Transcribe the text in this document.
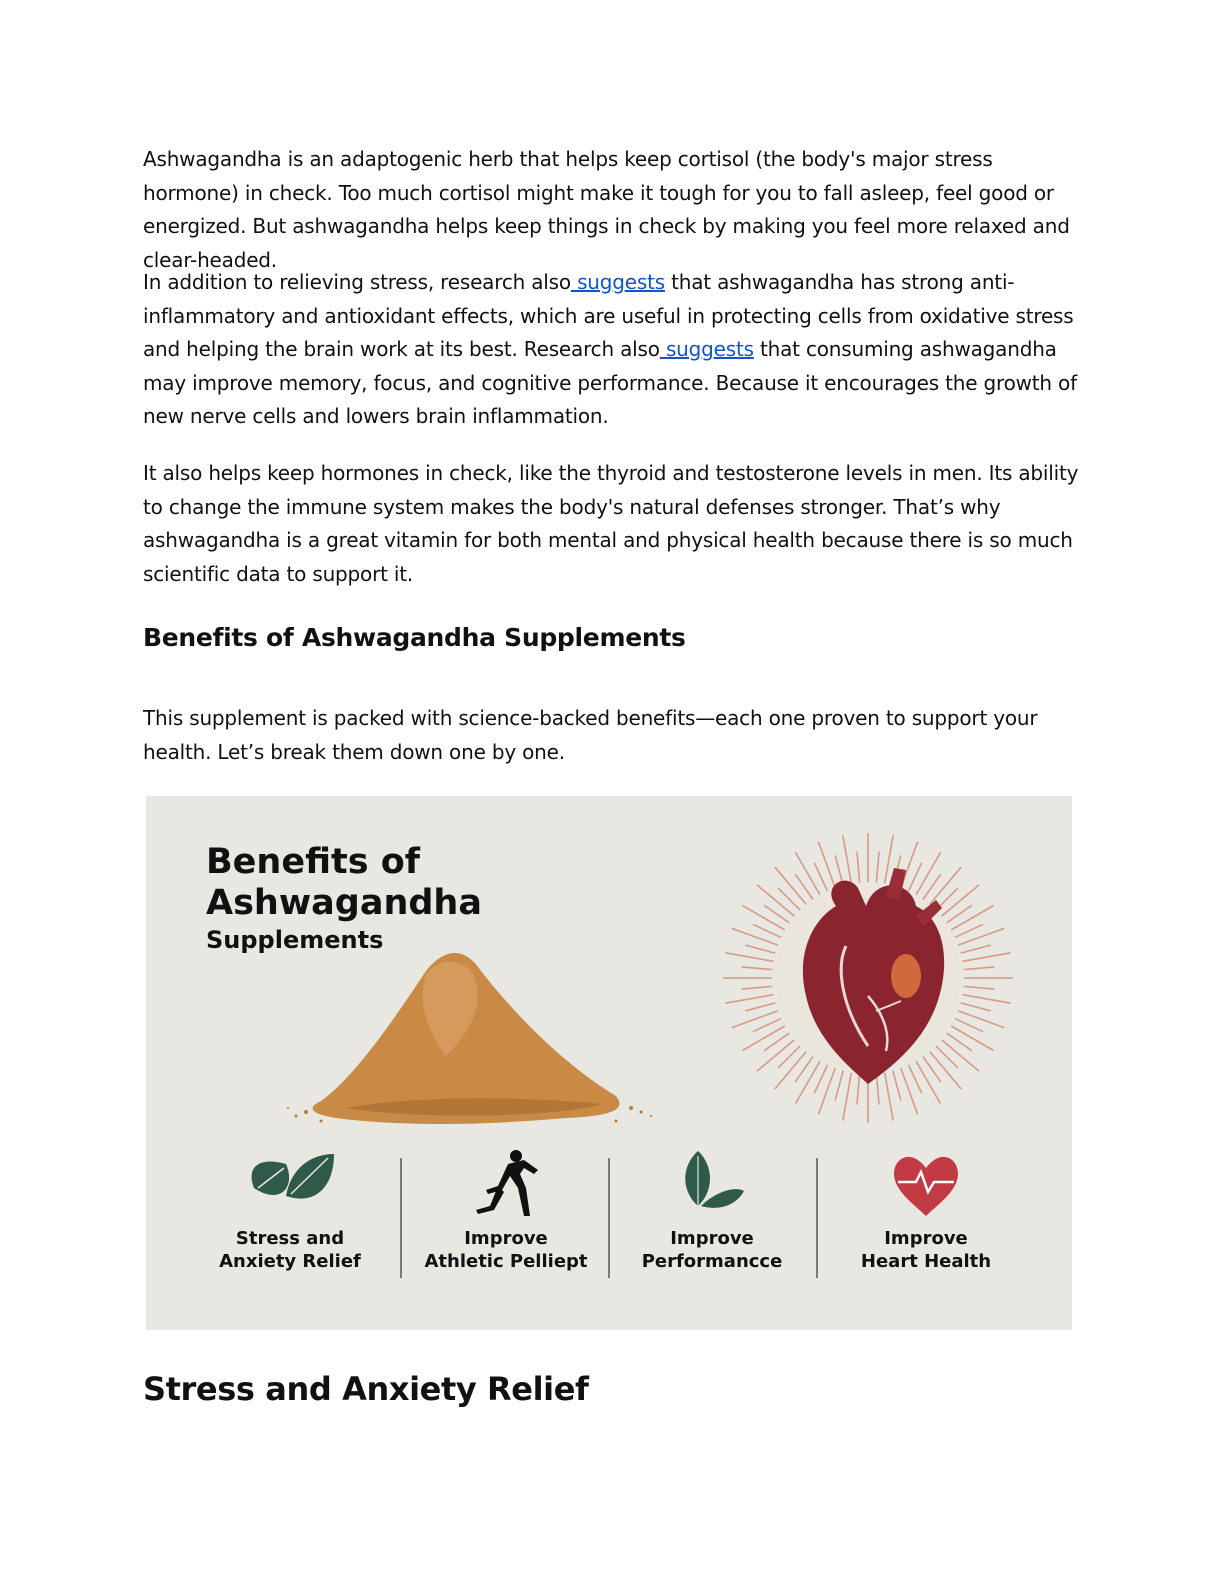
Ashwagandha is an adaptogenic herb that helps keep cortisol (the body's major stress hormone) in check. Too much cortisol might make it tough for you to fall asleep, feel good or energized. But ashwagandha helps keep things in check by making you feel more relaxed and clear-headed.

In addition to relieving stress, research also suggests that ashwagandha has strong anti-inflammatory and antioxidant effects, which are useful in protecting cells from oxidative stress and helping the brain work at its best. Research also suggests that consuming ashwagandha may improve memory, focus, and cognitive performance. Because it encourages the growth of new nerve cells and lowers brain inflammation.

It also helps keep hormones in check, like the thyroid and testosterone levels in men. Its ability to change the immune system makes the body's natural defenses stronger. That’s why ashwagandha is a great vitamin for both mental and physical health because there is so much scientific data to support it.

Benefits of Ashwagandha Supplements

This supplement is packed with science-backed benefits—each one proven to support your health. Let’s break them down one by one.

Stress and Anxiety Relief
Benefits of
Ashwagandha
Supplements
Stress and
Anxiety Relief
Improve
Athletic Pelliept
Improve
Performancce
Improve
Heart Health
